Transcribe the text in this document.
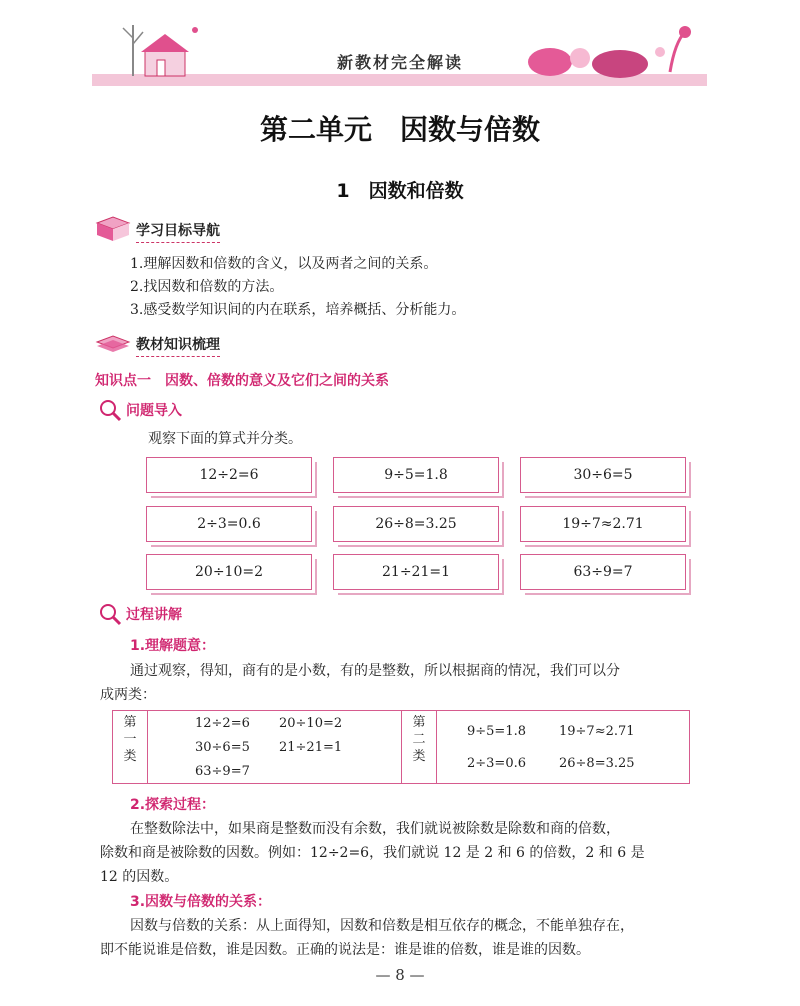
新教材完全解读
第二单元　因数与倍数
1　因数和倍数
学习目标导航
1.理解因数和倍数的含义，以及两者之间的关系。
2.找因数和倍数的方法。
3.感受数学知识间的内在联系，培养概括、分析能力。
教材知识梳理
知识点一　因数、倍数的意义及它们之间的关系
问题导入
观察下面的算式并分类。
12÷2=6	9÷5=1.8	30÷6=5
2÷3=0.6	26÷8=3.25	19÷7≈2.71
20÷10=2	21÷21=1	63÷9=7
过程讲解
1.理解题意：
通过观察，得知，商有的是小数，有的是整数，所以根据商的情况，我们可以分
成两类：
第
一
类
12÷2=6 20÷10=2
30÷6=5 21÷21=1
63÷9=7
第
二
类
9÷5=1.8	19÷7≈2.71
2÷3=0.6	26÷8=3.25
2.探索过程：
在整数除法中，如果商是整数而没有余数，我们就说被除数是除数和商的倍数，
除数和商是被除数的因数。例如：12÷2=6，我们就说 12 是 2 和 6 的倍数，2 和 6 是
12 的因数。
3.因数与倍数的关系：
因数与倍数的关系：从上面得知，因数和倍数是相互依存的概念，不能单独存在，
即不能说谁是倍数，谁是因数。正确的说法是：谁是谁的倍数，谁是谁的因数。
— 8 —
